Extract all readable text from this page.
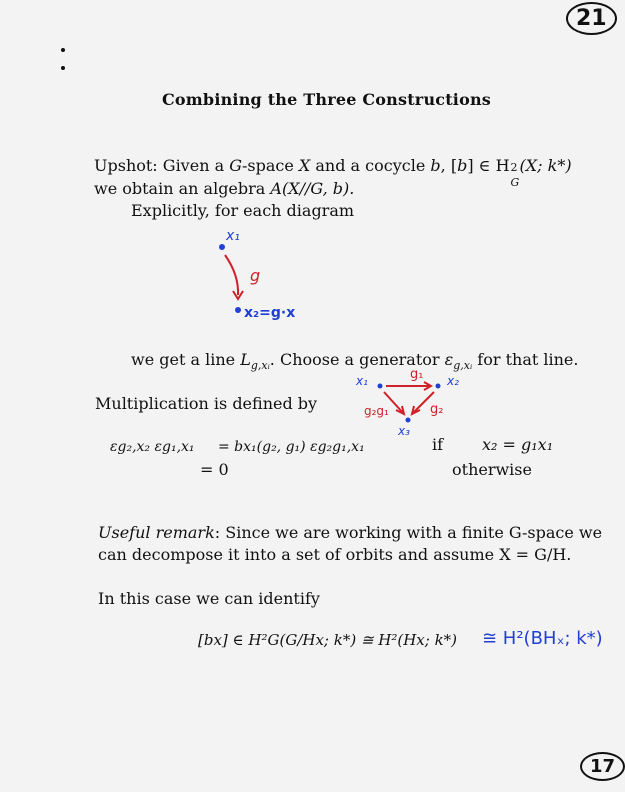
21
17
Combining the Three Constructions
Upshot: Given a G-space X and a cocycle b, [b] ∈ H 2
G
(X; k*)
we obtain an algebra A(X//G, b).
Explicitly, for each diagram
x₁
g
x₂=g·x
we get a line $L_{g,xᵢ}$. Choose a generator $\varepsilon_{g,xᵢ}$ for that line.
Multiplication is defined by
x₁	x₂
x₃
g₁
g₂
g₂g₁
εg₂,x₂ εg₁,x₁ = bx₁(g₂, g₁) εg₂g₁,x₁	if x₂ = g₁x₁
= 0	otherwise
Useful remark: Since we are working with a finite G-space we
can decompose it into a set of orbits and assume X = G/H.
In this case we can identify
[bx] ∈ H²G(G/Hx; k*) ≅ H²(Hx; k*) ≅ H²(BHₓ; k*)
